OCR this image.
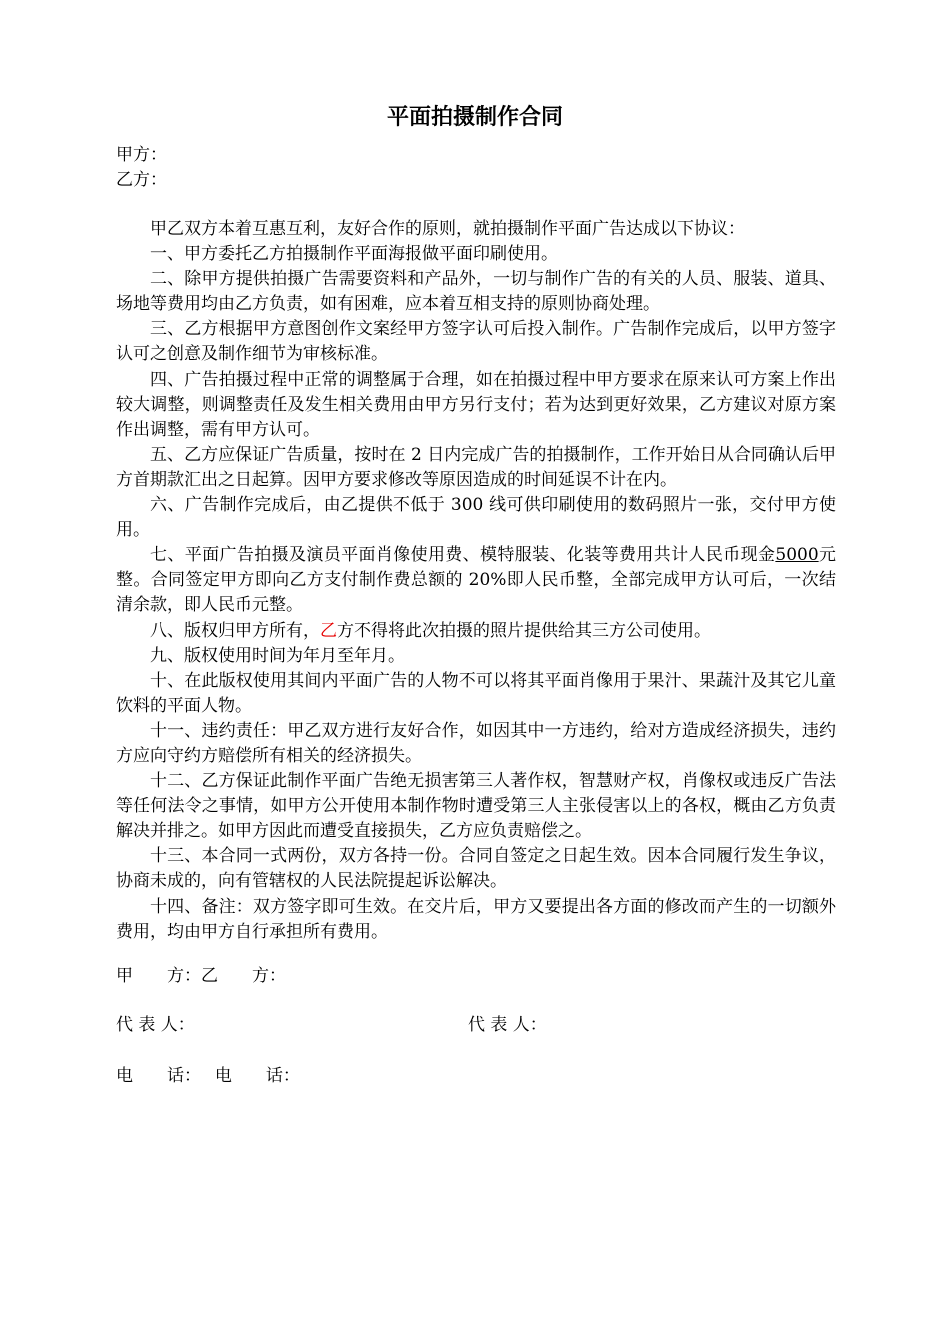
平面拍摄制作合同
甲方：
乙方：

甲乙双方本着互惠互利，友好合作的原则，就拍摄制作平面广告达成以下协议：

一、甲方委托乙方拍摄制作平面海报做平面印刷使用。

二、除甲方提供拍摄广告需要资料和产品外，一切与制作广告的有关的人员、服装、道具、场地等费用均由乙方负责，如有困难，应本着互相支持的原则协商处理。

三、乙方根据甲方意图创作文案经甲方签字认可后投入制作。广告制作完成后，以甲方签字认可之创意及制作细节为审核标准。

四、广告拍摄过程中正常的调整属于合理，如在拍摄过程中甲方要求在原来认可方案上作出较大调整，则调整责任及发生相关费用由甲方另行支付；若为达到更好效果，乙方建议对原方案作出调整，需有甲方认可。

五、乙方应保证广告质量，按时在 2 日内完成广告的拍摄制作，工作开始日从合同确认后甲方首期款汇出之日起算。因甲方要求修改等原因造成的时间延误不计在内。

六、广告制作完成后，由乙提供不低于 300 线可供印刷使用的数码照片一张，交付甲方使用。

七、平面广告拍摄及演员平面肖像使用费、模特服装、化装等费用共计人民币现金5000元整。合同签定甲方即向乙方支付制作费总额的 20%即人民币整，全部完成甲方认可后，一次结清余款，即人民币元整。

八、版权归甲方所有，乙方不得将此次拍摄的照片提供给其三方公司使用。

九、版权使用时间为年月至年月。

十、在此版权使用其间内平面广告的人物不可以将其平面肖像用于果汁、果蔬汁及其它儿童饮料的平面人物。

十一、违约责任：甲乙双方进行友好合作，如因其中一方违约，给对方造成经济损失，违约方应向守约方赔偿所有相关的经济损失。

十二、乙方保证此制作平面广告绝无损害第三人著作权，智慧财产权，肖像权或违反广告法等任何法令之事情，如甲方公开使用本制作物时遭受第三人主张侵害以上的各权，概由乙方负责解决并排之。如甲方因此而遭受直接损失，乙方应负责赔偿之。

十三、本合同一式两份，双方各持一份。合同自签定之日起生效。因本合同履行发生争议，协商未成的，向有管辖权的人民法院提起诉讼解决。

十四、备注：双方签字即可生效。在交片后，甲方又要提出各方面的修改而产生的一切额外费用，均由甲方自行承担所有费用。

甲　　方：乙　　方：
代 表 人：	代 表 人：
电　　话：　 电　　话：
